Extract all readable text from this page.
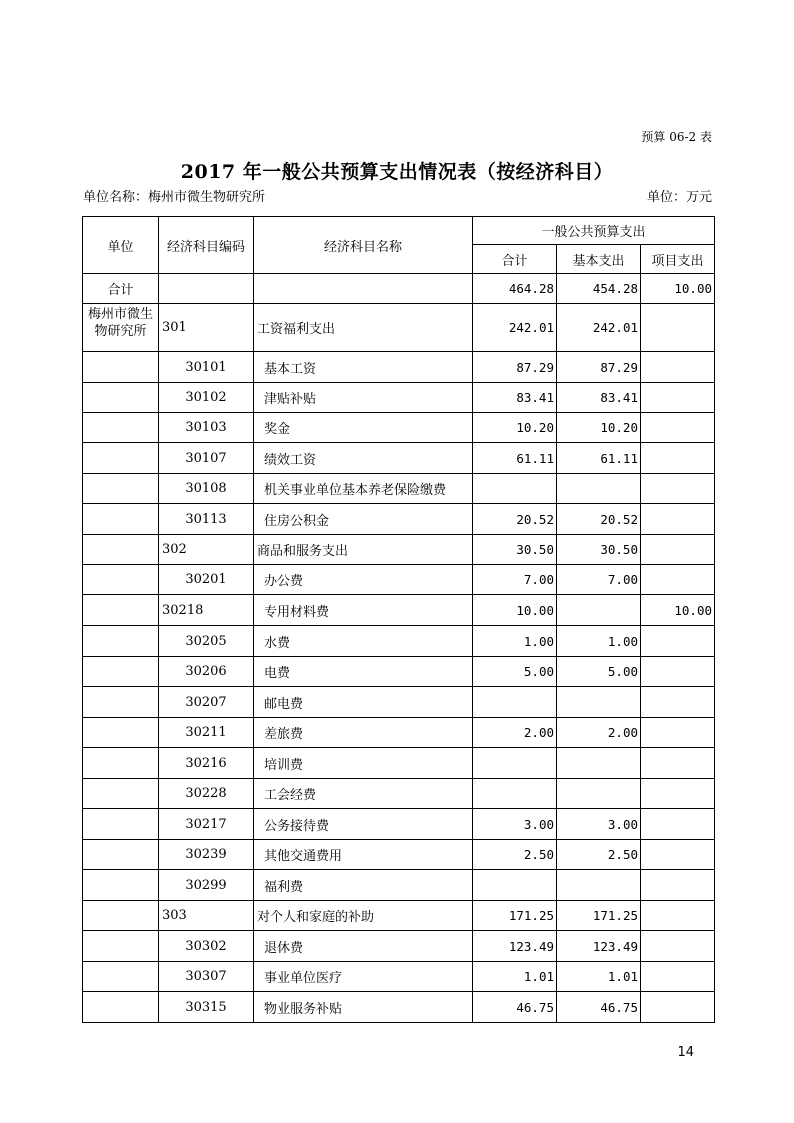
预算 06-2 表
2017 年一般公共预算支出情况表（按经济科目）
单位名称：梅州市微生物研究所	单位：万元
单位	经济科目编码	经济科目名称	一般公共预算支出		
			合计	基本支出	项目支出
合计			464.28	454.28	10.00
梅州市微生物研究所	301	工资福利支出	242.01	242.01	
	30101	基本工资	87.29	87.29	
	30102	津贴补贴	83.41	83.41	
	30103	奖金	10.20	10.20	
	30107	绩效工资	61.11	61.11	
	30108	机关事业单位基本养老保险缴费			
	30113	住房公积金	20.52	20.52	
	302	商品和服务支出	30.50	30.50	
	30201	办公费	7.00	7.00	
	30218	专用材料费	10.00		10.00
	30205	水费	1.00	1.00	
	30206	电费	5.00	5.00	
	30207	邮电费			
	30211	差旅费	2.00	2.00	
	30216	培训费			
	30228	工会经费			
	30217	公务接待费	3.00	3.00	
	30239	其他交通费用	2.50	2.50	
	30299	福利费			
	303	对个人和家庭的补助	171.25	171.25	
	30302	退休费	123.49	123.49	
	30307	事业单位医疗	1.01	1.01	
	30315	物业服务补贴	46.75	46.75	
14
